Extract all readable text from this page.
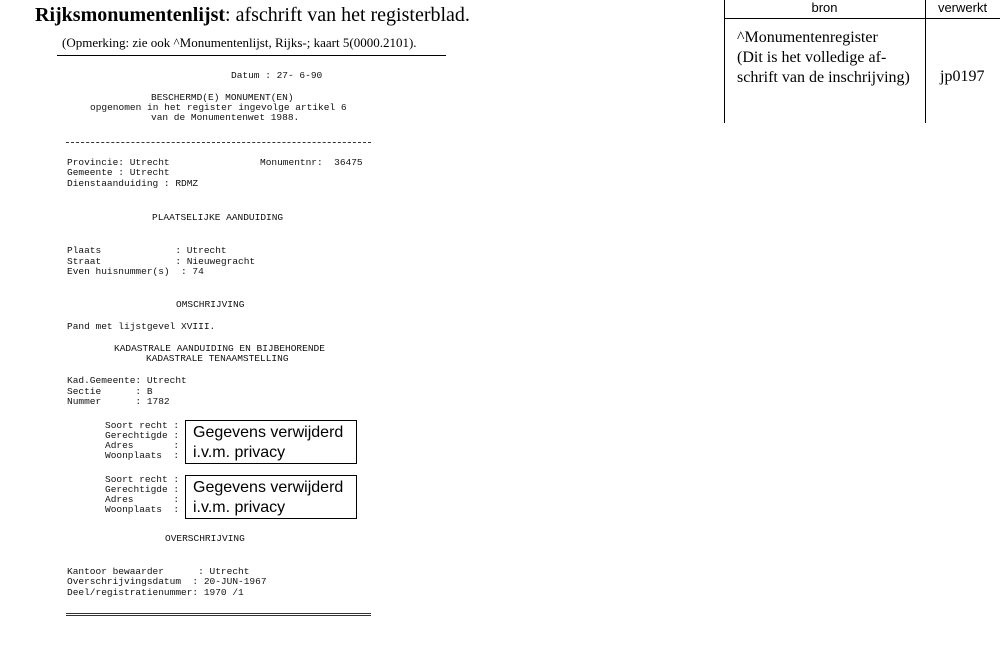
Rijksmonumentenlijst: afschrift van het registerblad.
(Opmerking: zie ook ^Monumentenlijst, Rijks-; kaart 5(0000.2101).
Datum : 27- 6-90
BESCHERMD(E) MONUMENT(EN)
opgenomen in het register ingevolge artikel 6
van de Monumentenwet 1988.
Provincie: Utrecht	Monumentnr:  36475
Gemeente : Utrecht
Dienstaanduiding : RDMZ
PLAATSELIJKE AANDUIDING
Plaats             : Utrecht
Straat             : Nieuwegracht
Even huisnummer(s)  : 74
OMSCHRIJVING
Pand met lijstgevel XVIII.
KADASTRALE AANDUIDING EN BIJBEHORENDE
KADASTRALE TENAAMSTELLING
Kad.Gemeente: Utrecht
Sectie      : B
Nummer      : 1782
Soort recht :
Gerechtigde :
Adres       :
Woonplaats  :
Gegevens verwijderd
i.v.m. privacy
Soort recht :
Gerechtigde :
Adres       :
Woonplaats  :
Gegevens verwijderd
i.v.m. privacy
OVERSCHRIJVING
Kantoor bewaarder      : Utrecht
Overschrijvingsdatum  : 20-JUN-1967
Deel/registratienummer: 1970 /1
bron	verwerkt
^Monumentenregister
(Dit is het volledige af-
schrift van de inschrijving)	jp0197
